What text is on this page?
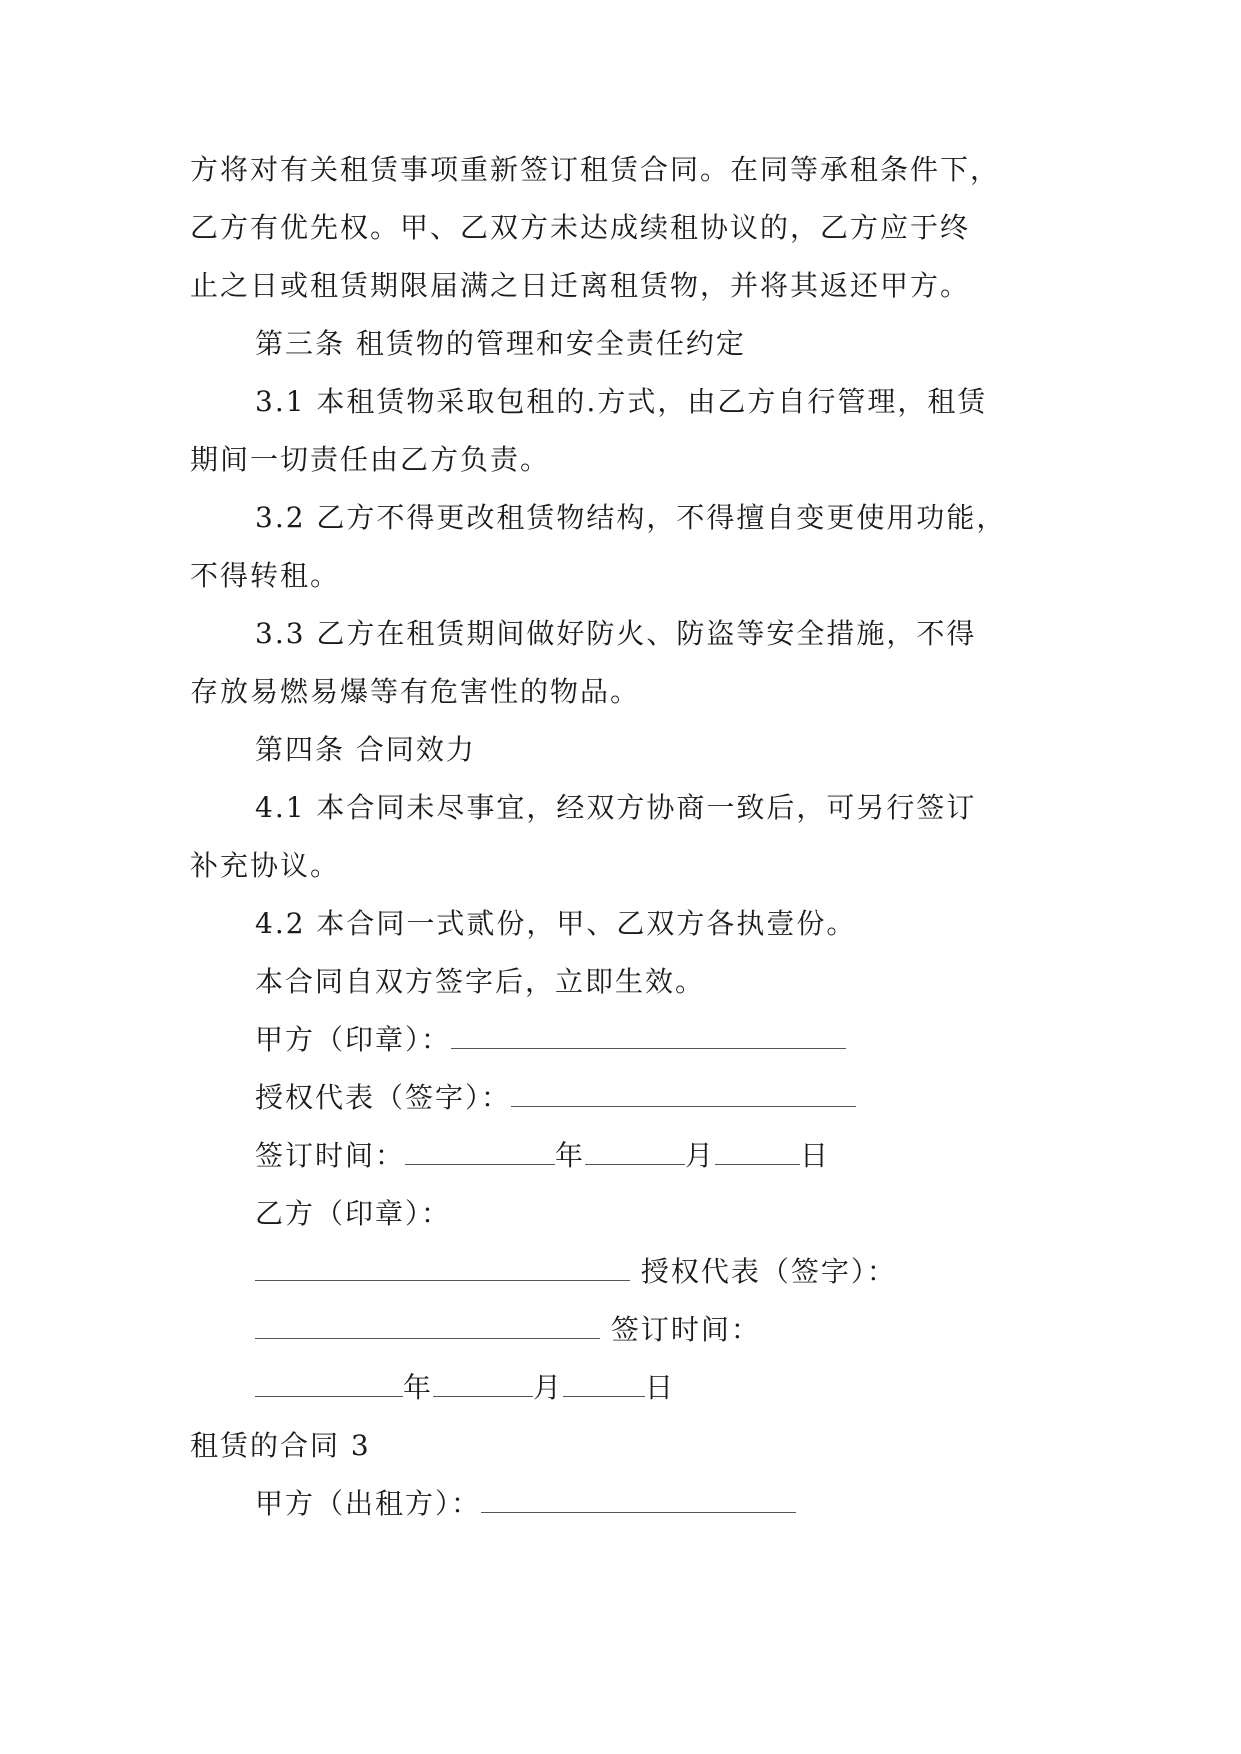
方将对有关租赁事项重新签订租赁合同。在同等承租条件下，
乙方有优先权。甲、乙双方未达成续租协议的，乙方应于终
止之日或租赁期限届满之日迁离租赁物，并将其返还甲方。
第三条 租赁物的管理和安全责任约定
3.1 本租赁物采取包租的.方式，由乙方自行管理，租赁
期间一切责任由乙方负责。
3.2 乙方不得更改租赁物结构，不得擅自变更使用功能，
不得转租。
3.3 乙方在租赁期间做好防火、防盗等安全措施，不得
存放易燃易爆等有危害性的物品。
第四条 合同效力
4.1 本合同未尽事宜，经双方协商一致后，可另行签订
补充协议。
4.2 本合同一式贰份，甲、乙双方各执壹份。
本合同自双方签字后，立即生效。
甲方（印章）：
授权代表（签字）：
签订时间：	年	月	日
乙方（印章）：
授权代表（签字）：
签订时间：
年	月	日
租赁的合同 3
甲方（出租方）：
